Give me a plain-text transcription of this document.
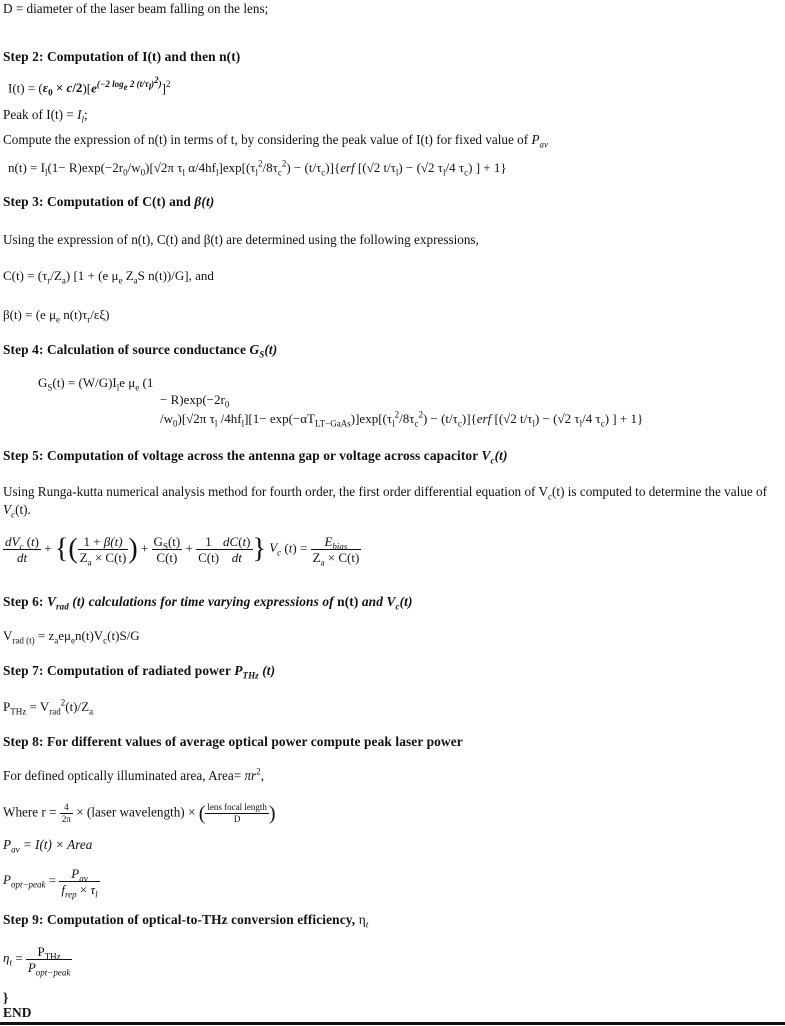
D = diameter of the laser beam falling on the lens;
Step 2: Computation of I(t) and then n(t)
$I(t) = (\varepsilon_0 \times c/2)[e^{(-2 log_e 2 (t/\tau_l)^2)}]^2$
Peak of $I(t) = I_l$;
Compute the expression of n(t) in terms of t, by considering the peak value of I(t) for fixed value of $P_{av}$
$n(t) = I_l(1- R)\exp(-2r_0/w_0)[√2\pi$ $\tau_l$ $\alpha/4hf_l]\exp[(\tau_l^2/8\tau_c^2) - (t/\tau_c)]\{erf$ [(√2 $t/\tau_l) - (√2$ $\tau_l/4$ $\tau_c$) ] + 1}
Step 3: Computation of C(t) and β(t)
Using the expression of n(t), C(t) and β(t) are determined using the following expressions,
$C(t) = (\tau_r/Z_a) [1 + (e$ $\mu_e$ $Z_aS$ n(t))/G], and
β(t) = (e $\mu_e$ $n(t)\tau_r/\varepsilon\xi$)
Step 4: Calculation of source conductance $G_S(t)$
$G_S(t) = (W/G)I_le$ $\mu_e$ (1
− $R)\exp(-2r_0$
$/w_0)[√2\pi$ $\tau_l$ $/4hf_l][1- \exp(-\alpha T_{LT-GaAs})]\exp[(\tau_l^2/8\tau_c^2) - (t/\tau_c)]\{erf$ [(√2 $t/\tau_l) - (√2$ $\tau_l/4$ $\tau_c$) ] + 1}
Step 5: Computation of voltage across the antenna gap or voltage across capacitor $V_c(t)$
Using Runga-kutta numerical analysis method for fourth order, the first order differential equation of $V_c(t)$ is computed to determine the value of
$V_c(t)$.
$\frac{dV_c (t)}{dt}$ + {( $\frac{1 + \beta(t)}{Z_a \times C(t)}$ ) + $\frac{G_S(t)}{C(t)} + \frac{1}{C(t)} \frac{dC(t)}{dt}$ } $V_c$ $(t) = \frac{E_{bias}}{Z_a \times C(t)}$
Step 6: $V_{rad}$ (t) calculations for time varying expressions of n(t) and $V_c(t)$
$V_{rad (t)} = z_ae\mu_en(t)V_c(t)S/G$
Step 7: Computation of radiated power $P_{THz}$ (t)
$P_{THz} = V_{rad}^2(t)/Z_a$
Step 8: For different values of average optical power compute peak laser power
For defined optically illuminated area, Area= $\pi r^2$,
Where $r = \frac{4}{2\pi}$ × (laser wavelength) × ( $\frac{\text{lens focal length}}{D}$ )
$P_{av} = I(t)$ × Area
$P_{opt-peak} = \frac{P_{av}}{f_{rep} \times \tau_l}$
Step 9: Computation of optical-to-THz conversion efficiency, $\eta_t$
$\eta_t = \frac{P_{THz}}{P_{opt-peak}}$
}
END
